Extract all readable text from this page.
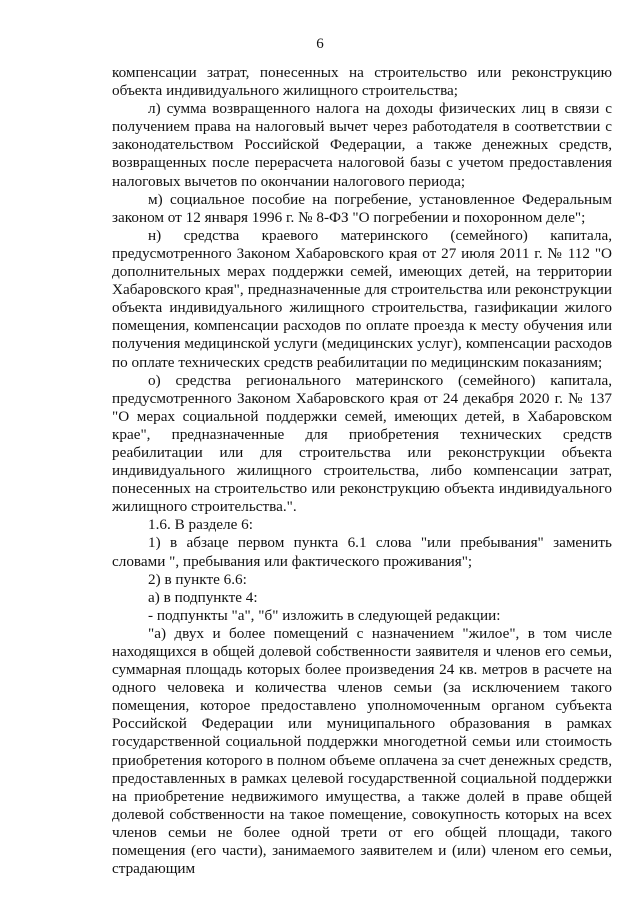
6

компенсации затрат, понесенных на строительство или реконструкцию объекта индивидуального жилищного строительства;

л) сумма возвращенного налога на доходы физических лиц в связи с получением права на налоговый вычет через работодателя в соответствии с законодательством Российской Федерации, а также денежных средств, возвращенных после перерасчета налоговой базы с учетом предоставления налоговых вычетов по окончании налогового периода;

м) социальное пособие на погребение, установленное Федеральным законом от 12 января 1996 г. № 8-ФЗ "О погребении и похоронном деле";

н) средства краевого материнского (семейного) капитала, предусмотренного Законом Хабаровского края от 27 июля 2011 г. № 112 "О дополнительных мерах поддержки семей, имеющих детей, на территории Хабаровского края", предназначенные для строительства или реконструкции объекта индивидуального жилищного строительства, газификации жилого помещения, компенсации расходов по оплате проезда к месту обучения или получения медицинской услуги (медицинских услуг), компенсации расходов по оплате технических средств реабилитации по медицинским показаниям;

о) средства регионального материнского (семейного) капитала, предусмотренного Законом Хабаровского края от 24 декабря 2020 г. № 137 "О мерах социальной поддержки семей, имеющих детей, в Хабаровском крае", предназначенные для приобретения технических средств реабилитации или для строительства или реконструкции объекта индивидуального жилищного строительства, либо компенсации затрат, понесенных на строительство или реконструкцию объекта индивидуального жилищного строительства.".

1.6. В разделе 6:

1) в абзаце первом пункта 6.1 слова "или пребывания" заменить словами ", пребывания или фактического проживания";

2) в пункте 6.6:

а) в подпункте 4:

- подпункты "а", "б" изложить в следующей редакции:

"а) двух и более помещений с назначением "жилое", в том числе находящихся в общей долевой собственности заявителя и членов его семьи, суммарная площадь которых более произведения 24 кв. метров в расчете на одного человека и количества членов семьи (за исключением такого помещения, которое предоставлено уполномоченным органом субъекта Российской Федерации или муниципального образования в рамках государственной социальной поддержки многодетной семьи или стоимость приобретения которого в полном объеме оплачена за счет денежных средств, предоставленных в рамках целевой государственной социальной поддержки на приобретение недвижимого имущества, а также долей в праве общей долевой собственности на такое помещение, совокупность которых на всех членов семьи не более одной трети от его общей площади, такого помещения (его части), занимаемого заявителем и (или) членом его семьи, страдающим
